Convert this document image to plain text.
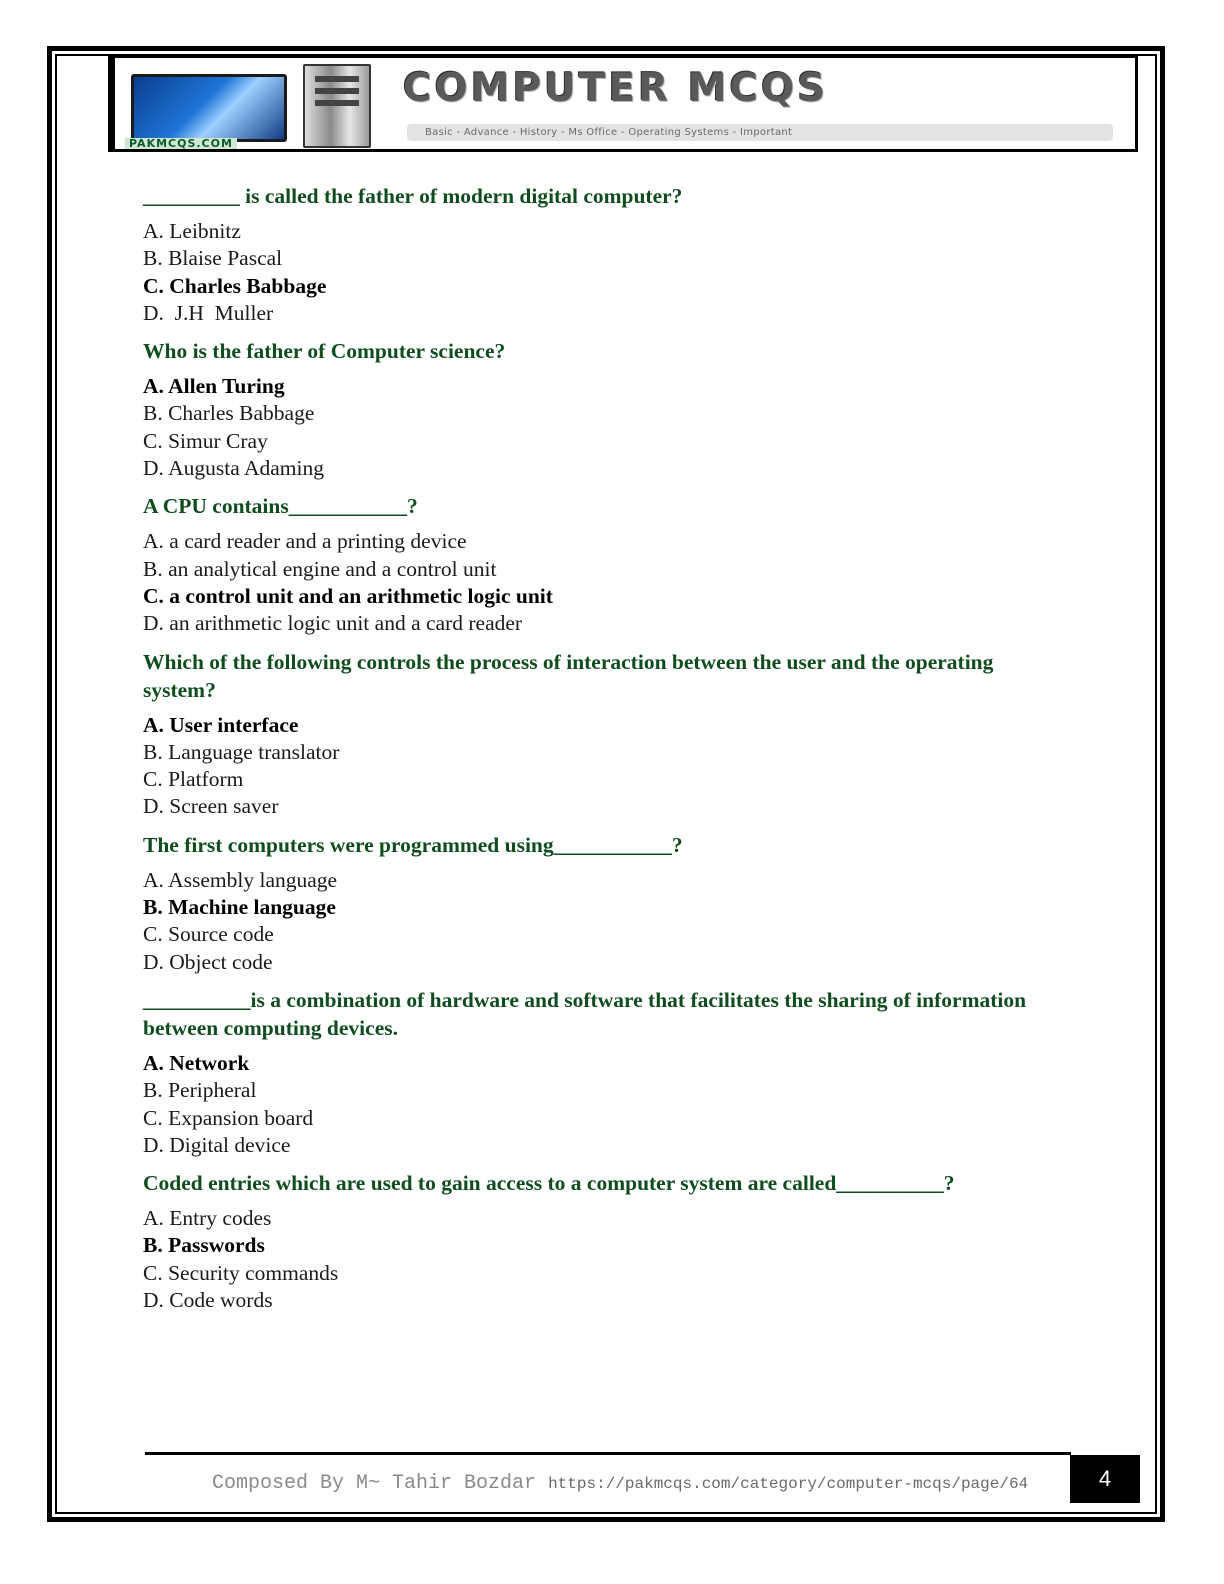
PAKMCQS.COM
COMPUTER MCQS
Basic - Advance - History - Ms Office - Operating Systems - Important
_________ is called the father of modern digital computer?
A. Leibnitz
B. Blaise Pascal
C. Charles Babbage
D.  J.H  Muller
Who is the father of Computer science?
A. Allen Turing
B. Charles Babbage
C. Simur Cray
D. Augusta Adaming
A CPU contains___________?
A. a card reader and a printing device
B. an analytical engine and a control unit
C. a control unit and an arithmetic logic unit
D. an arithmetic logic unit and a card reader
Which of the following controls the process of interaction between the user and the operating system?
A. User interface
B. Language translator
C. Platform
D. Screen saver
The first computers were programmed using___________?
A. Assembly language
B. Machine language
C. Source code
D. Object code
__________is a combination of hardware and software that facilitates the sharing of information between computing devices.
A. Network
B. Peripheral
C. Expansion board
D. Digital device
Coded entries which are used to gain access to a computer system are called__________?
A. Entry codes
B. Passwords
C. Security commands
D. Code words
Composed By M~ Tahir Bozdar https://pakmcqs.com/category/computer-mcqs/page/64	4
